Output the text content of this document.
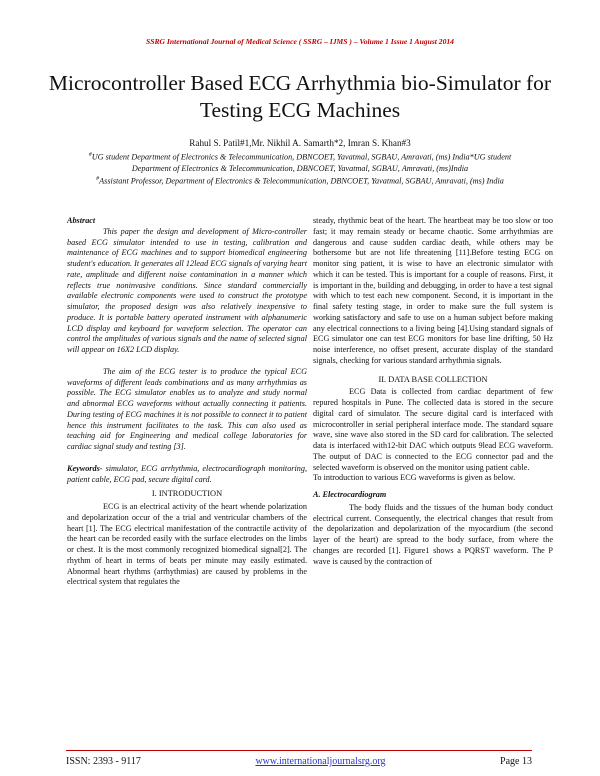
SSRG International Journal of Medical Science ( SSRG – IJMS ) – Volume 1 Issue 1 August 2014
Microcontroller Based ECG Arrhythmia bio-Simulator for Testing ECG Machines
Rahul S. Patil#1,Mr. Nikhil A. Samarth*2, Imran S. Khan#3
#UG student Department of Electronics & Telecommunication, DBNCOET, Yavatmal, SGBAU, Amravati, (ms) India*UG student Department of Electronics & Telecommunication, DBNCOET, Yavatmal, SGBAU, Amravati, (ms)India
#Assistant Professor, Department of Electronics & Telecommunication, DBNCOET, Yavatmal, SGBAU, Amravati, (ms) India

Abstract
This paper the design and development of Micro-controller based ECG simulator intended to use in testing, calibration and maintenance of ECG machines and to support biomedical engineering student's education. It generates all 12lead ECG signals of varying heart rate, amplitude and different noise contamination in a manner which reflects true noninvasive conditions. Since standard commercially available electronic components were used to construct the prototype simulator, the proposed design was also relatively inexpensive to produce. It is portable battery operated instrument with alphanumeric LCD display and keyboard for waveform selection. The operator can control the amplitudes of various signals and the name of selected signal will appear on 16X2 LCD display.

The aim of the ECG tester is to produce the typical ECG waveforms of different leads combinations and as many arrhythmias as possible. The ECG simulator enables us to analyze and study normal and abnormal ECG waveforms without actually connecting it patients. During testing of ECG machines it is not possible to connect it to patient hence this instrument facilitates to the task. This can also used as teaching aid for Engineering and medical college laboratories for cardiac signal study and testing [3].

Keywords- simulator, ECG arrhythmia, electrocardiograph monitoring, patient cable, ECG pad, secure digital card.

I. INTRODUCTION

ECG is an electrical activity of the heart whende polarization and depolarization occur of the a trial and ventricular chambers of the heart [1]. The ECG electrical manifestation of the contractile activity of the heart can be recorded easily with the surface electrodes on the limbs or chest. It is the most commonly recognized biomedical signal[2]. The rhythm of heart in terms of beats per minute may easily estimated. Abnormal heart rhythms (arrhythmias) are caused by problems in the electrical system that regulates the

steady, rhythmic beat of the heart. The heartbeat may be too slow or too fast; it may remain steady or became chaotic. Some arrhythmias are dangerous and cause sudden cardiac death, while others may be bothersome but are not life threatening [11].Before testing ECG on monitor sing patient, it is wise to have an electronic simulator with which it can be tested. This is important for a couple of reasons. First, it is important in the, building and debugging, in order to have a test signal with which to test each new component. Second, it is important in the final safety testing stage, in order to make sure the full system is working satisfactory and safe to use on a human subject before making any electrical connections to a living being [4].Using standard signals of ECG simulator one can test ECG monitors for base line drifting, 50 Hz noise interference, no offset present, accurate display of the standard signals, checking for various standard arrhythmia signals.

II. DATA BASE COLLECTION

ECG Data is collected from cardiac department of few repured hospitals in Pune. The collected data is stored in the secure digital card of simulator. The secure digital card is interfaced with microcontroller in serial peripheral interface mode. The standard square wave, sine wave also stored in the SD card for calibration. The selected data is interfaced with12-bit DAC which outputs 9lead ECG waveform. The output of DAC is connected to the ECG connector pad and the selected waveform is observed on the monitor using patient cable.

To introduction to various ECG waveforms is given as below.

A. Electrocardiogram

The body fluids and the tissues of the human body conduct electrical current. Consequently, the electrical changes that result from the depolarization and depolarization of the myocardium (the second layer of the heart) are spread to the body surface, from where the changes are recorded [1]. Figure1 shows a PQRST waveform. The P wave is caused by the contraction of

ISSN: 2393 - 9117	www.internationaljournalsrg.org	Page 13
